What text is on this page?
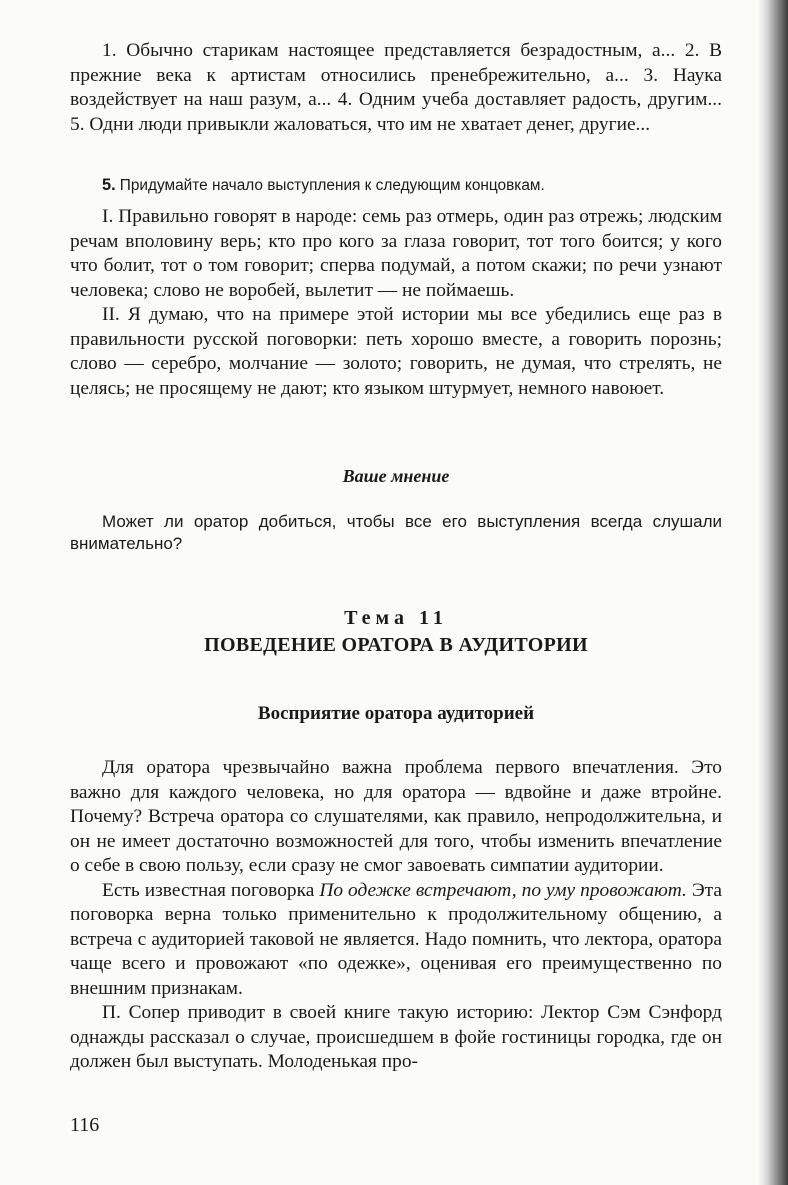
1. Обычно старикам настоящее представляется безрадостным, а... 2. В прежние века к артистам относились пренебрежительно, а... 3. Наука воздействует на наш разум, а... 4. Одним учеба доставляет радость, другим... 5. Одни люди привыкли жаловаться, что им не хватает денег, другие...

5. Придумайте начало выступления к следующим концовкам.

I. Правильно говорят в народе: семь раз отмерь, один раз отрежь; людским речам вполовину верь; кто про кого за глаза говорит, тот того боится; у кого что болит, тот о том говорит; сперва подумай, а потом скажи; по речи узнают человека; слово не воробей, вылетит — не поймаешь.

II. Я думаю, что на примере этой истории мы все убедились еще раз в правильности русской поговорки: петь хорошо вместе, а говорить порознь; слово — серебро, молчание — золото; говорить, не думая, что стрелять, не целясь; не просящему не дают; кто языком штурмует, немного навоюет.

Ваше мнение

Может ли оратор добиться, чтобы все его выступления всегда слушали внимательно?

Тема 11
ПОВЕДЕНИЕ ОРАТОРА В АУДИТОРИИ
Восприятие оратора аудиторией

Для оратора чрезвычайно важна проблема первого впечатления. Это важно для каждого человека, но для оратора — вдвойне и даже втройне. Почему? Встреча оратора со слушателями, как правило, непродолжительна, и он не имеет достаточно возможностей для того, чтобы изменить впечатление о себе в свою пользу, если сразу не смог завоевать симпатии аудитории.

Есть известная поговорка По одежке встречают, по уму провожают. Эта поговорка верна только применительно к продолжительному общению, а встреча с аудиторией таковой не является. Надо помнить, что лектора, оратора чаще всего и провожают «по одежке», оценивая его преимущественно по внешним признакам.

П. Сопер приводит в своей книге такую историю: Лектор Сэм Сэнфорд однажды рассказал о случае, происшедшем в фойе гостиницы городка, где он должен был выступать. Молоденькая про-

116
